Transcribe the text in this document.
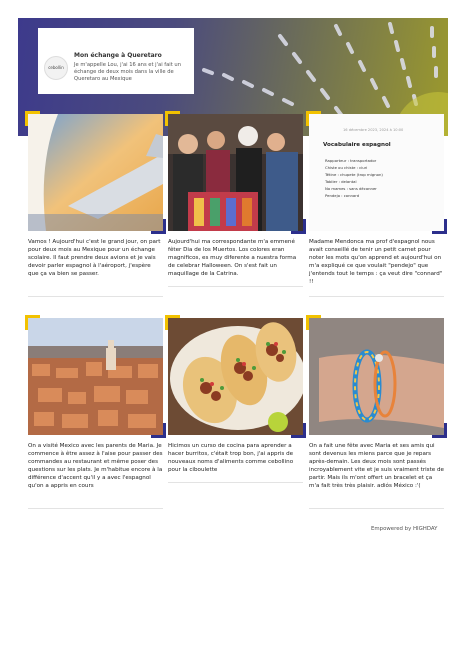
cebollin
Mon échange à Queretaro
Je m'appelle Lou, j'ai 16 ans et j'ai fait un échange de deux mois dans la ville de Queretaro au Mexique
Vamos ! Aujourd'hui c'est le grand jour, on part pour deux mois au Mexique pour un échange scolaire. Il faut prendre deux avions et je vais devoir parler espagnol à l'aéroport, j'espère que ça va bien se passer.
Aujourd'hui ma correspondante m'a emmené fêter Dia de los Muertos. Los colores eran magnificos, es muy diferente a nuestra forma de celebrar Halloween. On s'est fait un maquillage de la Catrina.
16 décembre 2023, 2024 à 10:00
Vocabulaire espagnol
Rapporteur : transportador
Chiste ou chiste : ciuri
Tétine : chupete (trop mignon)
Tablier : delantal
No mames : sans déconner
Pendejo : connard
Madame Mendonca ma prof d'espagnol nous avait conseillé de tenir un petit carnet pour noter les mots qu'on apprend et aujourd'hui on m'a expliqué ce que voulait "pendejo" que j'entends tout le temps : ça veut dire "connard" !!
On a visité Mexico avec les parents de Maria. Je commence à être assez à l'aise pour passer des commandes au restaurant et même poser des questions sur les plats. Je m'habitue encore à la différence d'accent qu'il y a avec l'espagnol qu'on a appris en cours
Hicimos un curso de cocina para aprender a hacer burritos, c'était trop bon, j'ai appris de nouveaux noms d'aliments comme cebollino pour la ciboulette
On a fait une fête avec Maria et ses amis qui sont devenus les miens parce que je repars après-demain. Les deux mois sont passés incroyablement vite et je suis vraiment triste de partir. Mais ils m'ont offert un bracelet et ça m'a fait très très plaisir. adiós México :'(
Empowered by HIGHDAY
